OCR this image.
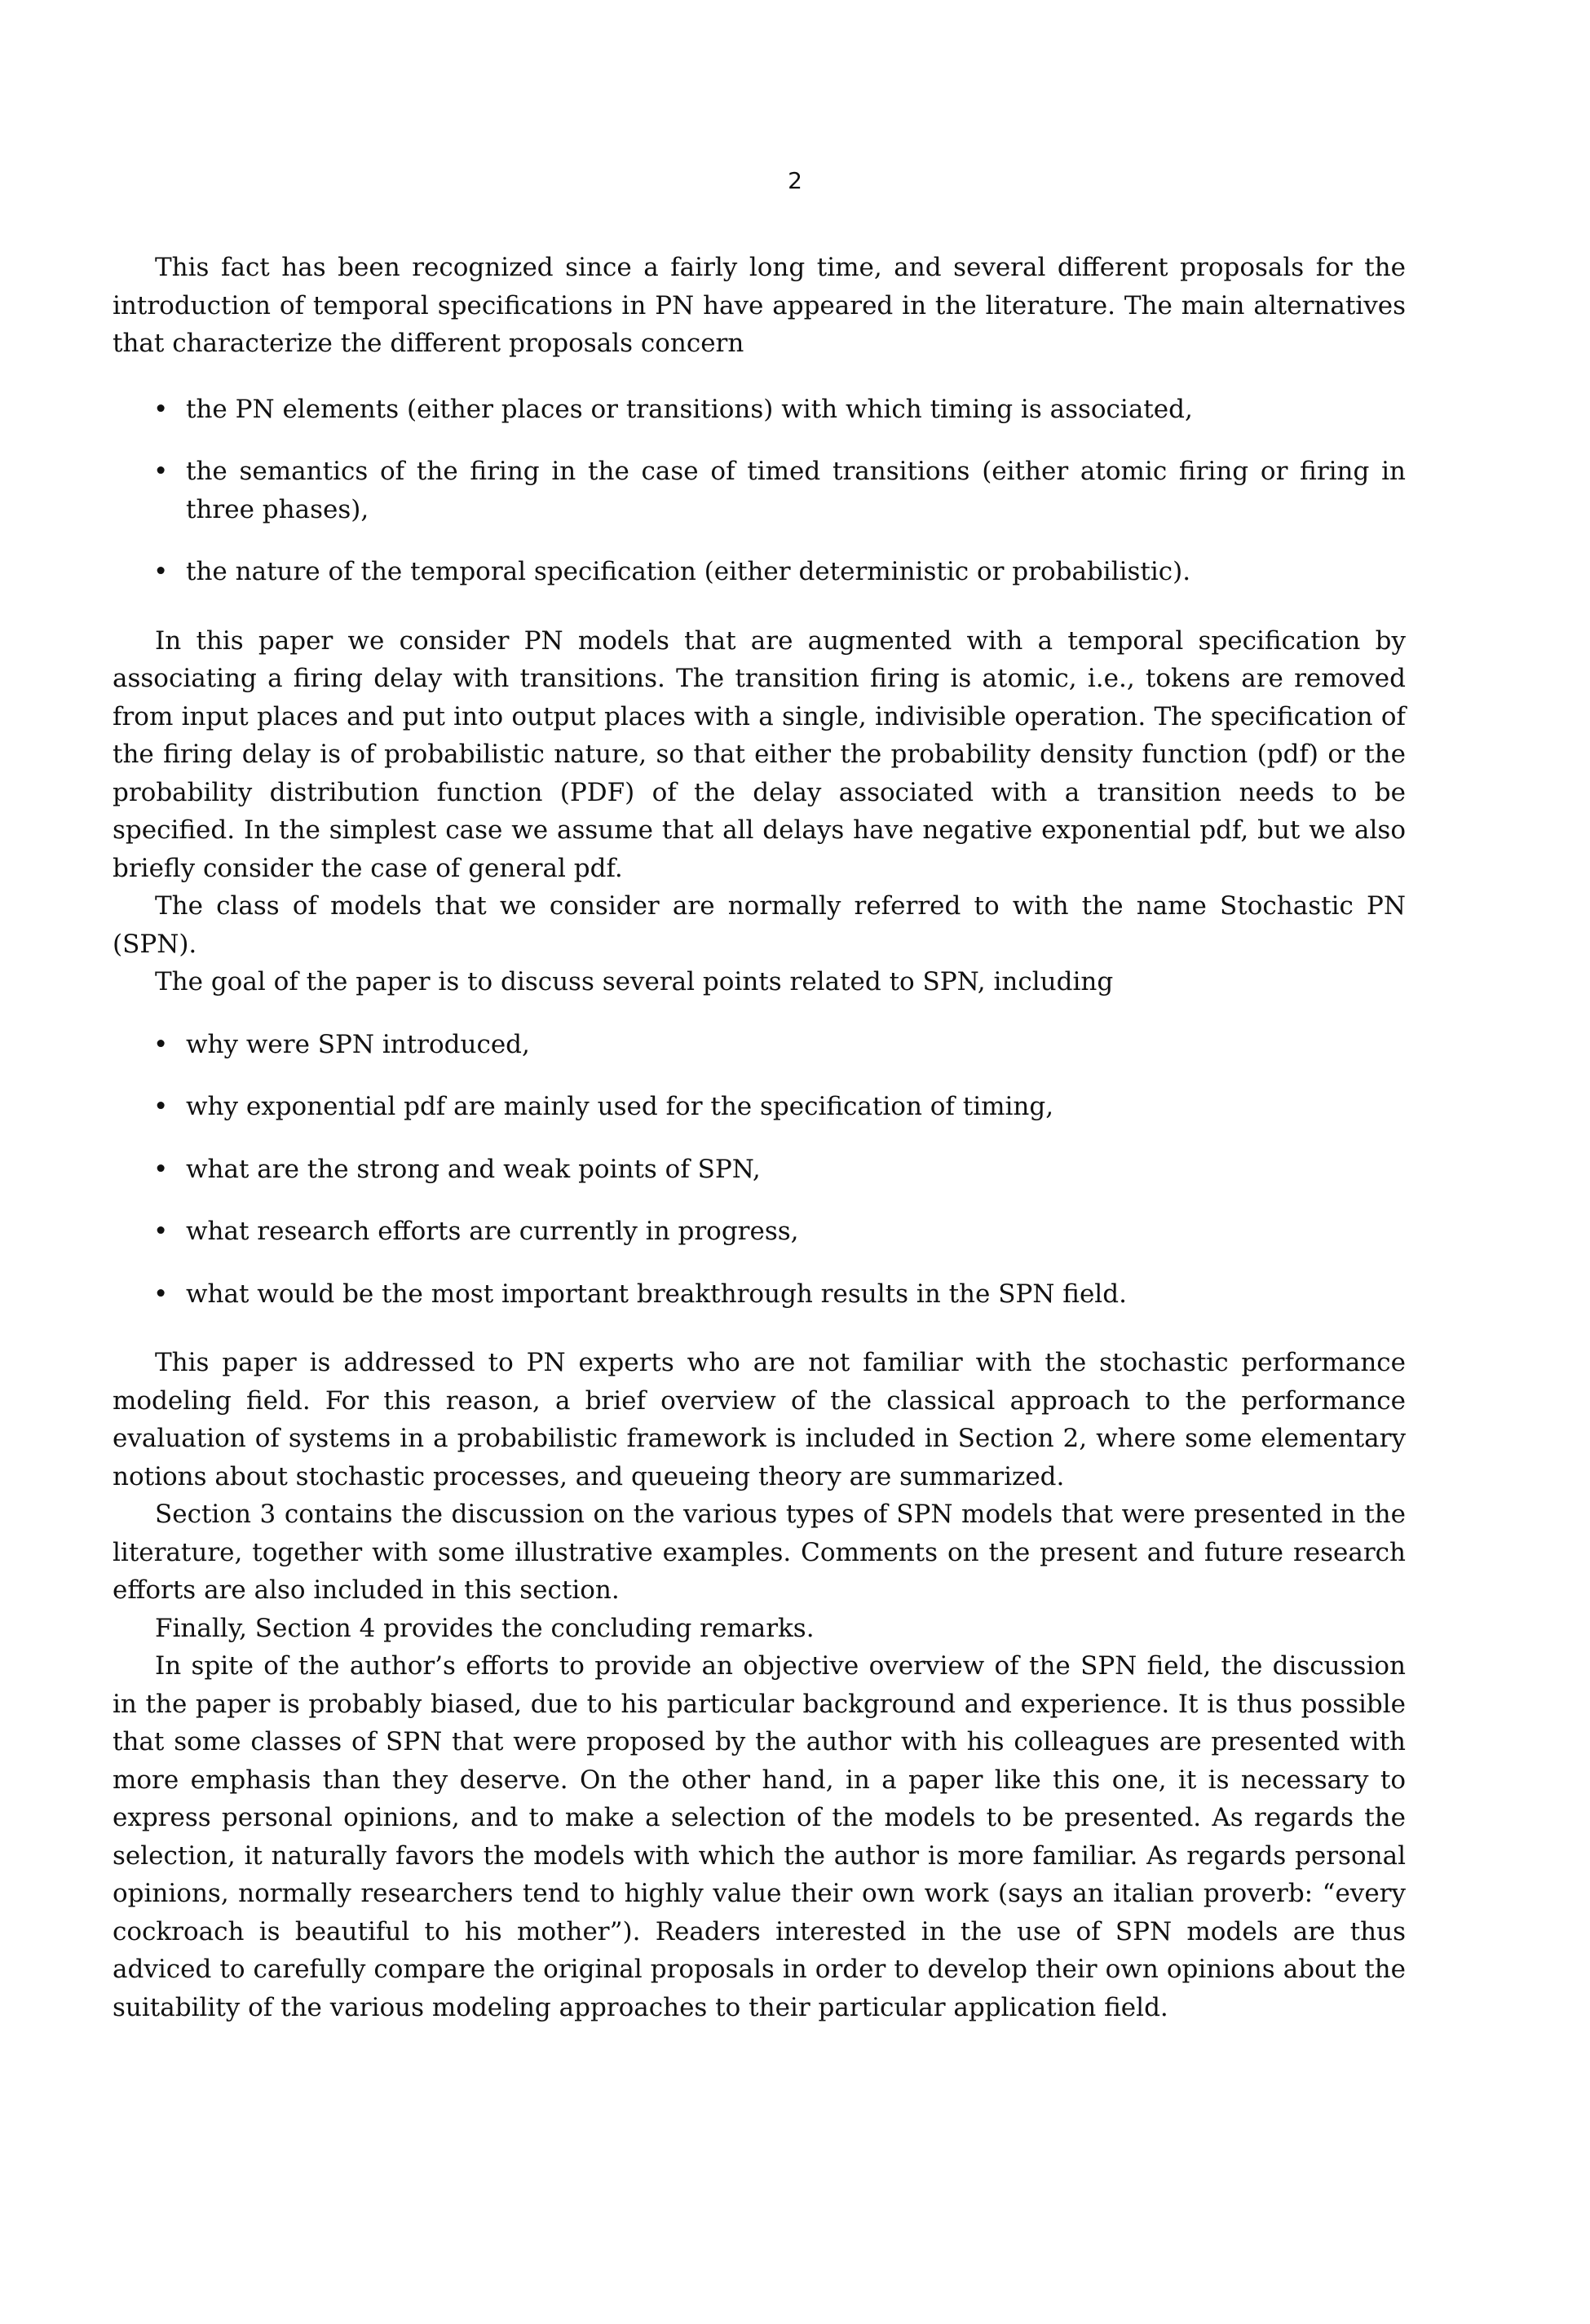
2

This fact has been recognized since a fairly long time, and several different proposals for the introduction of temporal specifications in PN have appeared in the literature. The main alternatives that characterize the different proposals concern

• the PN elements (either places or transitions) with which timing is associated,
• the semantics of the firing in the case of timed transitions (either atomic firing or firing in three phases),
• the nature of the temporal specification (either deterministic or probabilistic).

In this paper we consider PN models that are augmented with a temporal specification by associating a firing delay with transitions. The transition firing is atomic, i.e., tokens are removed from input places and put into output places with a single, indivisible operation. The specification of the firing delay is of probabilistic nature, so that either the probability density function (pdf) or the probability distribution function (PDF) of the delay associated with a transition needs to be specified. In the simplest case we assume that all delays have negative exponential pdf, but we also briefly consider the case of general pdf.

The class of models that we consider are normally referred to with the name Stochastic PN (SPN).

The goal of the paper is to discuss several points related to SPN, including

• why were SPN introduced,
• why exponential pdf are mainly used for the specification of timing,
• what are the strong and weak points of SPN,
• what research efforts are currently in progress,
• what would be the most important breakthrough results in the SPN field.

This paper is addressed to PN experts who are not familiar with the stochastic performance modeling field. For this reason, a brief overview of the classical approach to the performance evaluation of systems in a probabilistic framework is included in Section 2, where some elementary notions about stochastic processes, and queueing theory are summarized.

Section 3 contains the discussion on the various types of SPN models that were presented in the literature, together with some illustrative examples. Comments on the present and future research efforts are also included in this section.

Finally, Section 4 provides the concluding remarks.

In spite of the author’s efforts to provide an objective overview of the SPN field, the discussion in the paper is probably biased, due to his particular background and experience. It is thus possible that some classes of SPN that were proposed by the author with his colleagues are presented with more emphasis than they deserve. On the other hand, in a paper like this one, it is necessary to express personal opinions, and to make a selection of the models to be presented. As regards the selection, it naturally favors the models with which the author is more familiar. As regards personal opinions, normally researchers tend to highly value their own work (says an italian proverb: “every cockroach is beautiful to his mother”). Readers interested in the use of SPN models are thus adviced to carefully compare the original proposals in order to develop their own opinions about the suitability of the various modeling approaches to their particular application field.
